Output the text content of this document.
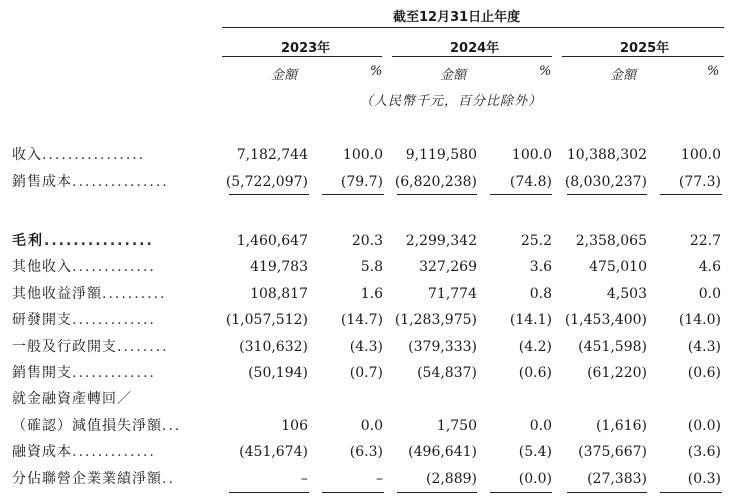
截至12月31日止年度
2023年	2024年	2025年
金額	%	金額	%	金額	%
（人民幣千元，百分比除外）
收入................	7,182,744 100.0 9,119,580 100.0 10,388,302 100.0
銷售成本...............	(5,722,097) (79.7) (6,820,238) (74.8) (8,030,237) (77.3)
毛利...............	1,460,647	20.3 2,299,342	25.2 2,358,065	22.7
其他收入.............	419,783	5.8	327,269	3.6	475,010	4.6
其他收益淨額..........	108,817	1.6	71,774	0.8	4,503	0.0
研發開支.............	(1,057,512) (14.7) (1,283,975) (14.1) (1,453,400) (14.0)
一般及行政開支........	(310,632)	(4.3) (379,333)	(4.2) (451,598)	(4.3)
銷售開支.............	(50,194)	(0.7) (54,837)	(0.6)	(61,220)	(0.6)
就金融資產轉回／
（確認）減值損失淨額...	106	0.0	1,750	0.0	(1,616)	(0.0)
融資成本.............	(451,674)	(6.3) (496,641)	(5.4) (375,667)	(3.6)
分佔聯營企業業績淨額..	–	–	(2,889)	(0.0)	(27,383)	(0.3)
